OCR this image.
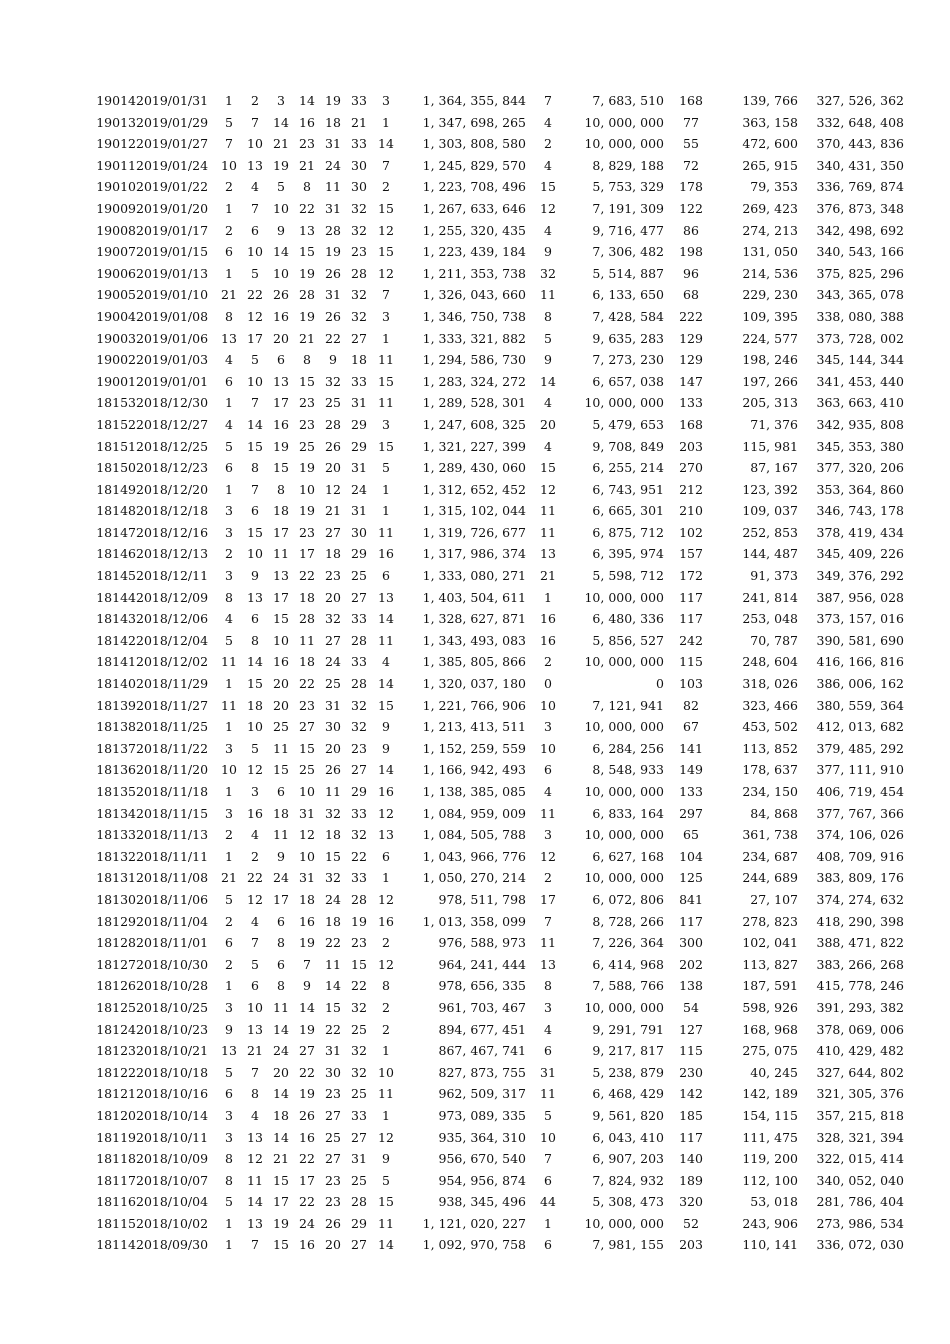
19014	2019/01/31	1	2	3	14	19	33	3	1, 364, 355, 844	7	7, 683, 510	168	139, 766	327, 526, 362
19013	2019/01/29	5	7	14	16	18	21	1	1, 347, 698, 265	4	10, 000, 000	77	363, 158	332, 648, 408
19012	2019/01/27	7	10	21	23	31	33	14	1, 303, 808, 580	2	10, 000, 000	55	472, 600	370, 443, 836
19011	2019/01/24	10	13	19	21	24	30	7	1, 245, 829, 570	4	8, 829, 188	72	265, 915	340, 431, 350
19010	2019/01/22	2	4	5	8	11	30	2	1, 223, 708, 496	15	5, 753, 329	178	79, 353	336, 769, 874
19009	2019/01/20	1	7	10	22	31	32	15	1, 267, 633, 646	12	7, 191, 309	122	269, 423	376, 873, 348
19008	2019/01/17	2	6	9	13	28	32	12	1, 255, 320, 435	4	9, 716, 477	86	274, 213	342, 498, 692
19007	2019/01/15	6	10	14	15	19	23	15	1, 223, 439, 184	9	7, 306, 482	198	131, 050	340, 543, 166
19006	2019/01/13	1	5	10	19	26	28	12	1, 211, 353, 738	32	5, 514, 887	96	214, 536	375, 825, 296
19005	2019/01/10	21	22	26	28	31	32	7	1, 326, 043, 660	11	6, 133, 650	68	229, 230	343, 365, 078
19004	2019/01/08	8	12	16	19	26	32	3	1, 346, 750, 738	8	7, 428, 584	222	109, 395	338, 080, 388
19003	2019/01/06	13	17	20	21	22	27	1	1, 333, 321, 882	5	9, 635, 283	129	224, 577	373, 728, 002
19002	2019/01/03	4	5	6	8	9	18	11	1, 294, 586, 730	9	7, 273, 230	129	198, 246	345, 144, 344
19001	2019/01/01	6	10	13	15	32	33	15	1, 283, 324, 272	14	6, 657, 038	147	197, 266	341, 453, 440
18153	2018/12/30	1	7	17	23	25	31	11	1, 289, 528, 301	4	10, 000, 000	133	205, 313	363, 663, 410
18152	2018/12/27	4	14	16	23	28	29	3	1, 247, 608, 325	20	5, 479, 653	168	71, 376	342, 935, 808
18151	2018/12/25	5	15	19	25	26	29	15	1, 321, 227, 399	4	9, 708, 849	203	115, 981	345, 353, 380
18150	2018/12/23	6	8	15	19	20	31	5	1, 289, 430, 060	15	6, 255, 214	270	87, 167	377, 320, 206
18149	2018/12/20	1	7	8	10	12	24	1	1, 312, 652, 452	12	6, 743, 951	212	123, 392	353, 364, 860
18148	2018/12/18	3	6	18	19	21	31	1	1, 315, 102, 044	11	6, 665, 301	210	109, 037	346, 743, 178
18147	2018/12/16	3	15	17	23	27	30	11	1, 319, 726, 677	11	6, 875, 712	102	252, 853	378, 419, 434
18146	2018/12/13	2	10	11	17	18	29	16	1, 317, 986, 374	13	6, 395, 974	157	144, 487	345, 409, 226
18145	2018/12/11	3	9	13	22	23	25	6	1, 333, 080, 271	21	5, 598, 712	172	91, 373	349, 376, 292
18144	2018/12/09	8	13	17	18	20	27	13	1, 403, 504, 611	1	10, 000, 000	117	241, 814	387, 956, 028
18143	2018/12/06	4	6	15	28	32	33	14	1, 328, 627, 871	16	6, 480, 336	117	253, 048	373, 157, 016
18142	2018/12/04	5	8	10	11	27	28	11	1, 343, 493, 083	16	5, 856, 527	242	70, 787	390, 581, 690
18141	2018/12/02	11	14	16	18	24	33	4	1, 385, 805, 866	2	10, 000, 000	115	248, 604	416, 166, 816
18140	2018/11/29	1	15	20	22	25	28	14	1, 320, 037, 180	0	0	103	318, 026	386, 006, 162
18139	2018/11/27	11	18	20	23	31	32	15	1, 221, 766, 906	10	7, 121, 941	82	323, 466	380, 559, 364
18138	2018/11/25	1	10	25	27	30	32	9	1, 213, 413, 511	3	10, 000, 000	67	453, 502	412, 013, 682
18137	2018/11/22	3	5	11	15	20	23	9	1, 152, 259, 559	10	6, 284, 256	141	113, 852	379, 485, 292
18136	2018/11/20	10	12	15	25	26	27	14	1, 166, 942, 493	6	8, 548, 933	149	178, 637	377, 111, 910
18135	2018/11/18	1	3	6	10	11	29	16	1, 138, 385, 085	4	10, 000, 000	133	234, 150	406, 719, 454
18134	2018/11/15	3	16	18	31	32	33	12	1, 084, 959, 009	11	6, 833, 164	297	84, 868	377, 767, 366
18133	2018/11/13	2	4	11	12	18	32	13	1, 084, 505, 788	3	10, 000, 000	65	361, 738	374, 106, 026
18132	2018/11/11	1	2	9	10	15	22	6	1, 043, 966, 776	12	6, 627, 168	104	234, 687	408, 709, 916
18131	2018/11/08	21	22	24	31	32	33	1	1, 050, 270, 214	2	10, 000, 000	125	244, 689	383, 809, 176
18130	2018/11/06	5	12	17	18	24	28	12	978, 511, 798	17	6, 072, 806	841	27, 107	374, 274, 632
18129	2018/11/04	2	4	6	16	18	19	16	1, 013, 358, 099	7	8, 728, 266	117	278, 823	418, 290, 398
18128	2018/11/01	6	7	8	19	22	23	2	976, 588, 973	11	7, 226, 364	300	102, 041	388, 471, 822
18127	2018/10/30	2	5	6	7	11	15	12	964, 241, 444	13	6, 414, 968	202	113, 827	383, 266, 268
18126	2018/10/28	1	6	8	9	14	22	8	978, 656, 335	8	7, 588, 766	138	187, 591	415, 778, 246
18125	2018/10/25	3	10	11	14	15	32	2	961, 703, 467	3	10, 000, 000	54	598, 926	391, 293, 382
18124	2018/10/23	9	13	14	19	22	25	2	894, 677, 451	4	9, 291, 791	127	168, 968	378, 069, 006
18123	2018/10/21	13	21	24	27	31	32	1	867, 467, 741	6	9, 217, 817	115	275, 075	410, 429, 482
18122	2018/10/18	5	7	20	22	30	32	10	827, 873, 755	31	5, 238, 879	230	40, 245	327, 644, 802
18121	2018/10/16	6	8	14	19	23	25	11	962, 509, 317	11	6, 468, 429	142	142, 189	321, 305, 376
18120	2018/10/14	3	4	18	26	27	33	1	973, 089, 335	5	9, 561, 820	185	154, 115	357, 215, 818
18119	2018/10/11	3	13	14	16	25	27	12	935, 364, 310	10	6, 043, 410	117	111, 475	328, 321, 394
18118	2018/10/09	8	12	21	22	27	31	9	956, 670, 540	7	6, 907, 203	140	119, 200	322, 015, 414
18117	2018/10/07	8	11	15	17	23	25	5	954, 956, 874	6	7, 824, 932	189	112, 100	340, 052, 040
18116	2018/10/04	5	14	17	22	23	28	15	938, 345, 496	44	5, 308, 473	320	53, 018	281, 786, 404
18115	2018/10/02	1	13	19	24	26	29	11	1, 121, 020, 227	1	10, 000, 000	52	243, 906	273, 986, 534
18114	2018/09/30	1	7	15	16	20	27	14	1, 092, 970, 758	6	7, 981, 155	203	110, 141	336, 072, 030
